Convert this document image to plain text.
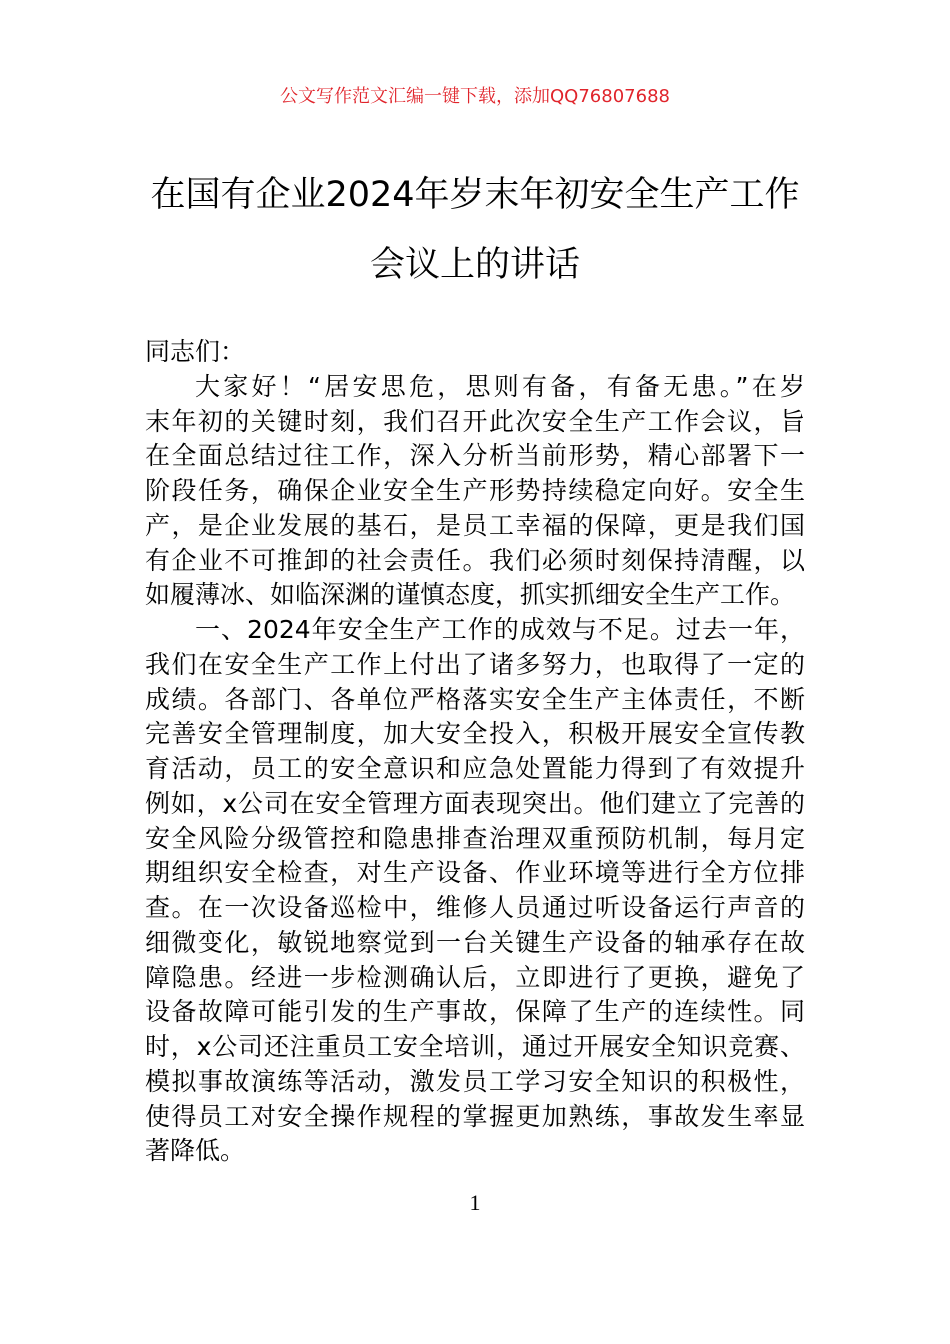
公文写作范文汇编一键下载，添加QQ76807688
在国有企业2024年岁末年初安全生产工作
会议上的讲话
同志们：
大家好！“居安思危，思则有备，有备无患。”在岁
末年初的关键时刻，我们召开此次安全生产工作会议，旨
在全面总结过往工作，深入分析当前形势，精心部署下一
阶段任务，确保企业安全生产形势持续稳定向好。安全生
产，是企业发展的基石，是员工幸福的保障，更是我们国
有企业不可推卸的社会责任。我们必须时刻保持清醒，以
如履薄冰、如临深渊的谨慎态度，抓实抓细安全生产工作。
一、2024年安全生产工作的成效与不足。过去一年，
我们在安全生产工作上付出了诸多努力，也取得了一定的
成绩。各部门、各单位严格落实安全生产主体责任，不断
完善安全管理制度，加大安全投入，积极开展安全宣传教
育活动，员工的安全意识和应急处置能力得到了有效提升
例如，x公司在安全管理方面表现突出。他们建立了完善的
安全风险分级管控和隐患排查治理双重预防机制，每月定
期组织安全检查，对生产设备、作业环境等进行全方位排
查。在一次设备巡检中，维修人员通过听设备运行声音的
细微变化，敏锐地察觉到一台关键生产设备的轴承存在故
障隐患。经进一步检测确认后，立即进行了更换，避免了
设备故障可能引发的生产事故，保障了生产的连续性。同
时，x公司还注重员工安全培训，通过开展安全知识竞赛、
模拟事故演练等活动，激发员工学习安全知识的积极性，
使得员工对安全操作规程的掌握更加熟练，事故发生率显
著降低。
1
